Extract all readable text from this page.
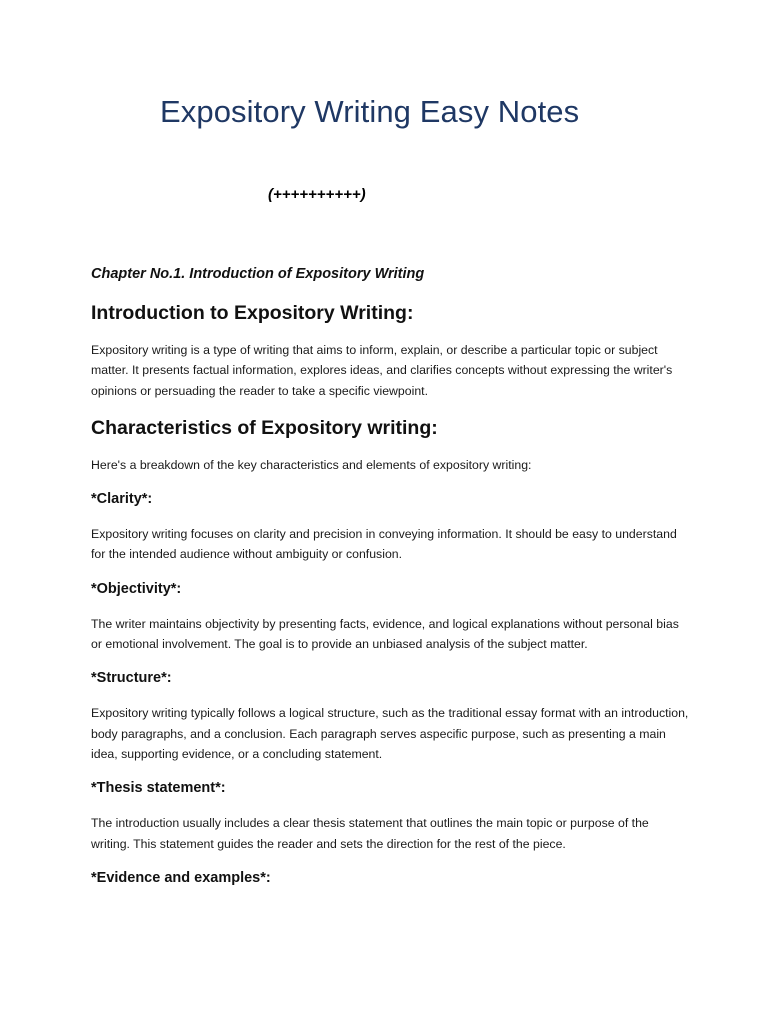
Expository Writing Easy Notes
(++++++++++)
Chapter No.1. Introduction of Expository Writing
Introduction to Expository Writing:

Expository writing is a type of writing that aims to inform, explain, or describe a particular topic or subject matter. It presents factual information, explores ideas, and clarifies concepts without expressing the writer's opinions or persuading the reader to take a specific viewpoint.

Characteristics of Expository writing:

Here's a breakdown of the key characteristics and elements of expository writing:

*Clarity*:

Expository writing focuses on clarity and precision in conveying information. It should be easy to understand for the intended audience without ambiguity or confusion.

*Objectivity*:

The writer maintains objectivity by presenting facts, evidence, and logical explanations without personal bias or emotional involvement. The goal is to provide an unbiased analysis of the subject matter.

*Structure*:

Expository writing typically follows a logical structure, such as the traditional essay format with an introduction, body paragraphs, and a conclusion. Each paragraph serves aspecific purpose, such as presenting a main idea, supporting evidence, or a concluding statement.

*Thesis statement*:

The introduction usually includes a clear thesis statement that outlines the main topic or purpose of the writing. This statement guides the reader and sets the direction for the rest of the piece.

*Evidence and examples*:
